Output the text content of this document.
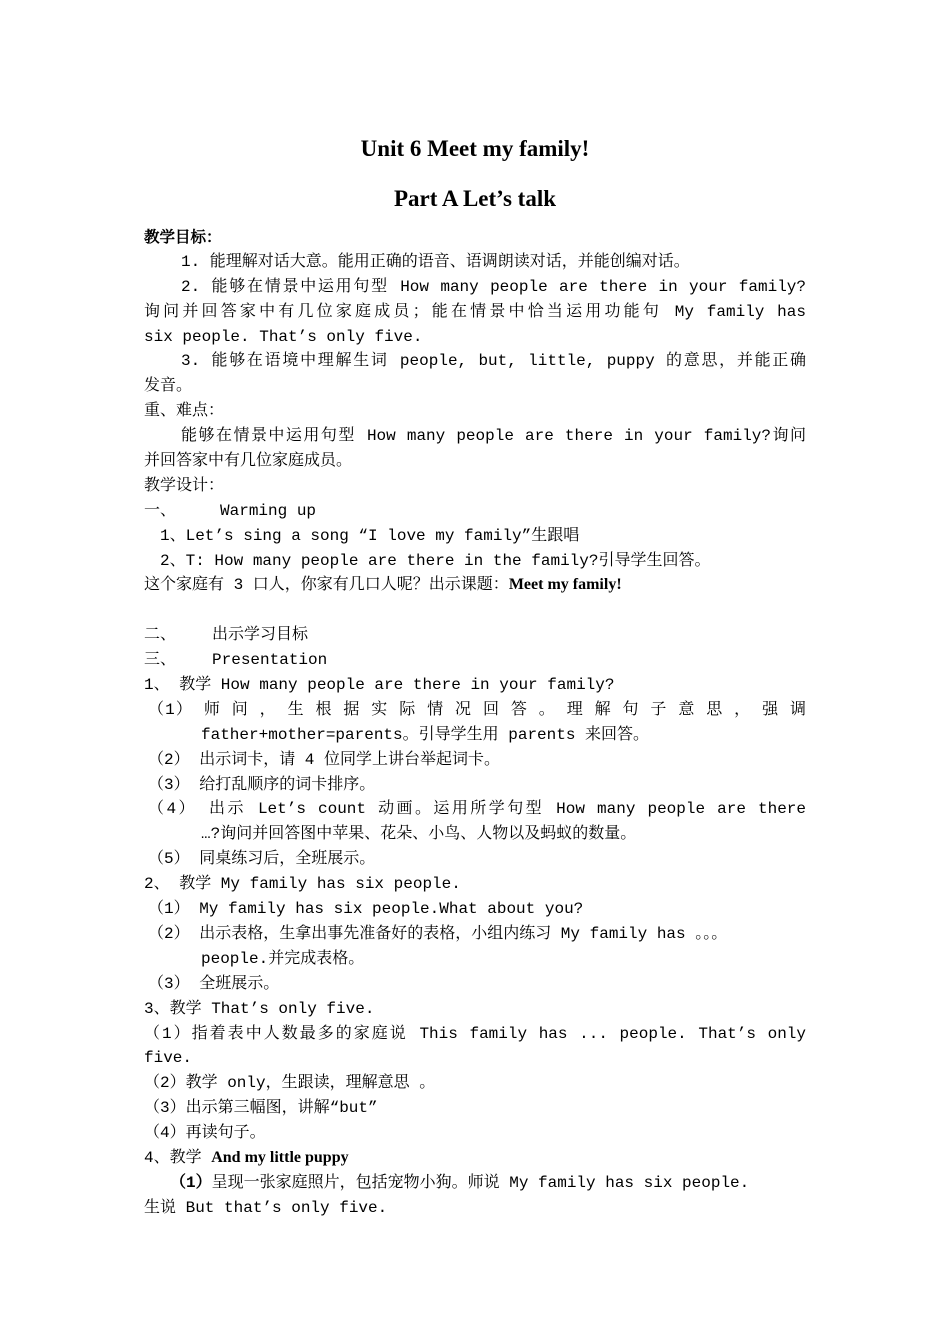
Unit 6 Meet my family!
Part A Let’s talk
教学目标：
1. 能理解对话大意。能用正确的语音、语调朗读对话，并能创编对话。
2. 能够在情景中运用句型 How many people are there in your family?
询问并回答家中有几位家庭成员；能在情景中恰当运用功能句 My family has
six people. That’s only five.
3. 能够在语境中理解生词 people, but, little, puppy 的意思，并能正确
发音。
重、难点：
能够在情景中运用句型 How many people are there in your family?询问
并回答家中有几位家庭成员。
教学设计：
一、	Warming up
1、Let’s sing a song “I love my family”生跟唱
2、T: How many people are there in the family?引导学生回答。
这个家庭有 3 口人，你家有几口人呢？出示课题：Meet my family!
二、 出示学习目标
三、 Presentation
1、 教学 How many people are there in your family?
（1） 师 问 ， 生 根 据 实 际 情 况 回 答 。 理 解 句 子 意 思 ， 强 调
father+mother=parents。引导学生用 parents 来回答。
（2） 出示词卡，请 4 位同学上讲台举起词卡。
（3） 给打乱顺序的词卡排序。
（4） 出示 Let’s count 动画。运用所学句型 How many people are there
…?询问并回答图中苹果、花朵、小鸟、人物以及蚂蚁的数量。
（5） 同桌练习后，全班展示。
2、 教学 My family has six people.
（1） My family has six people.What about you?
（2） 出示表格，生拿出事先准备好的表格，小组内练习 My family has 。。。
people.并完成表格。
（3） 全班展示。
3、教学 That’s only five.
（1）指着表中人数最多的家庭说 This family has ... people. That’s only
five.
（2）教学 only，生跟读，理解意思 。
（3）出示第三幅图，讲解“but”
（4）再读句子。
4、教学 And my little puppy
（1）呈现一张家庭照片，包括宠物小狗。师说 My family has six people.
生说 But that’s only five.
